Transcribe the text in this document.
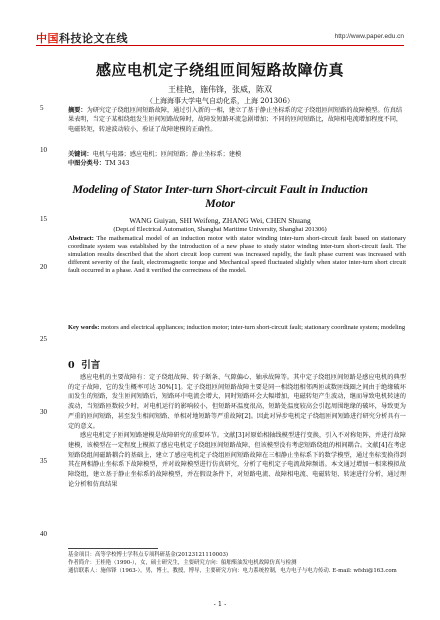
中国科技论文在线	http://www.paper.edu.cn
感应电机定子绕组匝间短路故障仿真
王桂艳，施伟锋，张威，陈双
（上海海事大学电气自动化系，上海 201306）
5
10
15
20
25
30
35
40
摘要：为研究定子绕组匝间短路故障，通过引入新的一相，建立了基于静止坐标系的定子绕组匝间短路的故障模型。仿真结果表明，当定子某相绕组发生匝间短路故障时，故障发短路环流急剧增加；不同的匝间短路比，故障相电流增加程度不同，电磁转矩，转速波动较小，验证了故障建模的正确性。
关键词：电机与电器；感应电机；匝间短路；静止坐标系；建模
中图分类号：TM 343
Modeling of Stator Inter-turn Short-circuit Fault in Induction Motor
WANG Guiyan, SHI Weifeng, ZHANG Wei, CHEN Shuang
(Dept.of Electrical Automation, Shanghai Maritime University, Shanghai 201306)
Abstract: The mathematical model of an induction motor with stator winding inter-turn short-circuit fault based on stationary coordinate system was established by the introduction of a new phase to study stator winding inter-turn short-circuit fault. The simulation results described that the short circuit loop current was increased rapidly, the fault phase current was increased with different severity of the fault, electromagnetic torque and Mechanical speed fluctuated slightly when stator inter-turn short circuit fault occurred in a phase. And it verified the correctness of the model.
Key words: motors and electrical appliances; induction motor; inter-turn short-circuit fault; stationary coordinate system; modeling
0 引言

感应电机的主要故障有：定子绕组故障、转子断条、气隙偏心、轴承故障等。其中定子绕组匝间短路是感应电机的典型的定子故障，它的发生概率可达 30%[1]。定子绕组匝间短路故障主要是同一相绕组相邻两匝或数匝线圈之间由于绝缘破坏而发生的短路，发生匝间短路后，短路环中电流会增大，同时短路环会大幅增加，电磁转矩产生波动，继而导致电机转速的波动，当短路匝数较少时，对电机运行的影响较小，但短路环温度很高，短路处温度较高会引起周围绝缘的破坏，导致更为严重的匝间短路，甚至发生相间短路、单相对地短路等严重故障[2]。因此对异步电机定子绕组匝间短路进行研究分析具有一定的意义。

感应电机定子匝间短路建模是故障研究的重要环节。文献[3]对原始相轴线模型进行变换，引入不对称矩阵，并进行故障建模，该模型在一定程度上模拟了感应电机定子绕组匝间短路故障，但该模型没有考虑短路绕组的相间耦合。文献[4]在考虑短路绕组间磁路耦合的基础上，建立了感应电机定子绕组匝间短路故障在三相静止坐标系下的数学模型，通过坐标变换得到其在两相静止坐标系下故障模型，并对故障模型进行仿真研究，分析了电机定子电流故障频谱。本文通过增加一相来模拟故障绕组，建立基于静止坐标系的故障模型，并在假设条件下，对短路电流、故障相电流、电磁转矩、转速进行分析，通过理论分析和仿真结果

基金项目：高等学校博士学科点专项科研基金(20123121110003)
作者简介：王桂艳（1990-），女，硕士研究生，主要研究方向：船舶柴油发电机故障仿真与检测
通信联系人：施伟锋（1963-），男，博士，教授，博导，主要研究方向：电力系统控制，电力电子与电力传动. E-mail: wfshi@163.com
- 1 -
